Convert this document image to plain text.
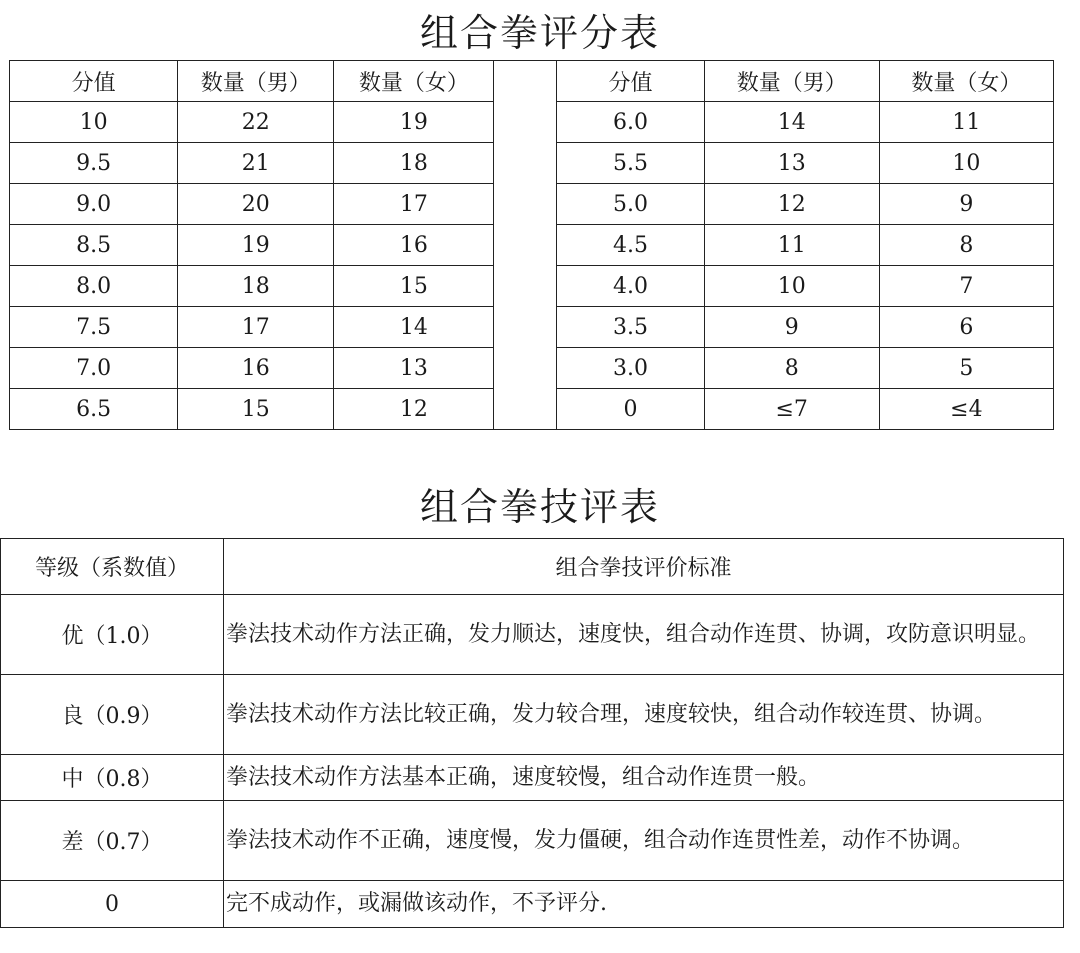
组合拳评分表
分值	数量（男）	数量（女）		分值	数量（男）	数量（女）
10	22	19		6.0	14	11
9.5	21	18		5.5	13	10
9.0	20	17		5.0	12	9
8.5	19	16		4.5	11	8
8.0	18	15		4.0	10	7
7.5	17	14		3.5	9	6
7.0	16	13		3.0	8	5
6.5	15	12		0	≤7	≤4
组合拳技评表
等级（系数值）	组合拳技评价标准
优（1.0）	拳法技术动作方法正确，发力顺达，速度快，组合动作连贯、协调，攻防意识明显。
良（0.9）	拳法技术动作方法比较正确，发力较合理，速度较快，组合动作较连贯、协调。
中（0.8）	拳法技术动作方法基本正确，速度较慢，组合动作连贯一般。
差（0.7）	拳法技术动作不正确，速度慢，发力僵硬，组合动作连贯性差，动作不协调。
0	完不成动作，或漏做该动作，不予评分.
